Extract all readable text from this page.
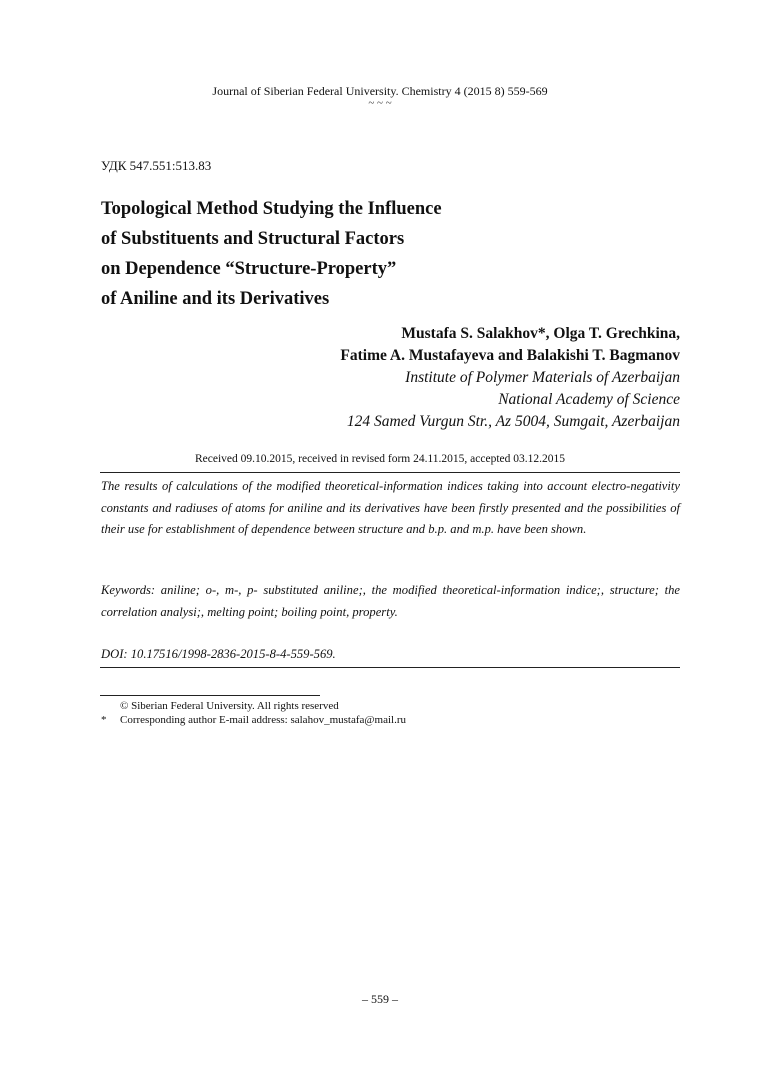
Journal of Siberian Federal University. Chemistry 4 (2015 8) 559-569
~ ~ ~
УДК 547.551:513.83
Topological Method Studying the Influence
of Substituents and Structural Factors
on Dependence “Structure-Property”
of Aniline and its Derivatives
Mustafa S. Salakhov*, Olga T. Grechkina,
Fatime A. Mustafayeva and Balakishi T. Bagmanov
Institute of Polymer Materials of Azerbaijan
National Academy of Science
124 Samed Vurgun Str., Az 5004, Sumgait, Azerbaijan
Received 09.10.2015, received in revised form 24.11.2015, accepted 03.12.2015
The results of calculations of the modified theoretical-information indices taking into account electro-negativity constants and radiuses of atoms for aniline and its derivatives have been firstly presented and the possibilities of their use for establishment of dependence between structure and b.p. and m.p. have been shown.
Keywords: aniline; o-, m-, p- substituted aniline;, the modified theoretical-information indice;, structure; the correlation analysi;, melting point; boiling point, property.
DOI: 10.17516/1998-2836-2015-8-4-559-569.
© Siberian Federal University. All rights reserved
* Corresponding author E-mail address: salahov_mustafa@mail.ru
– 559 –
